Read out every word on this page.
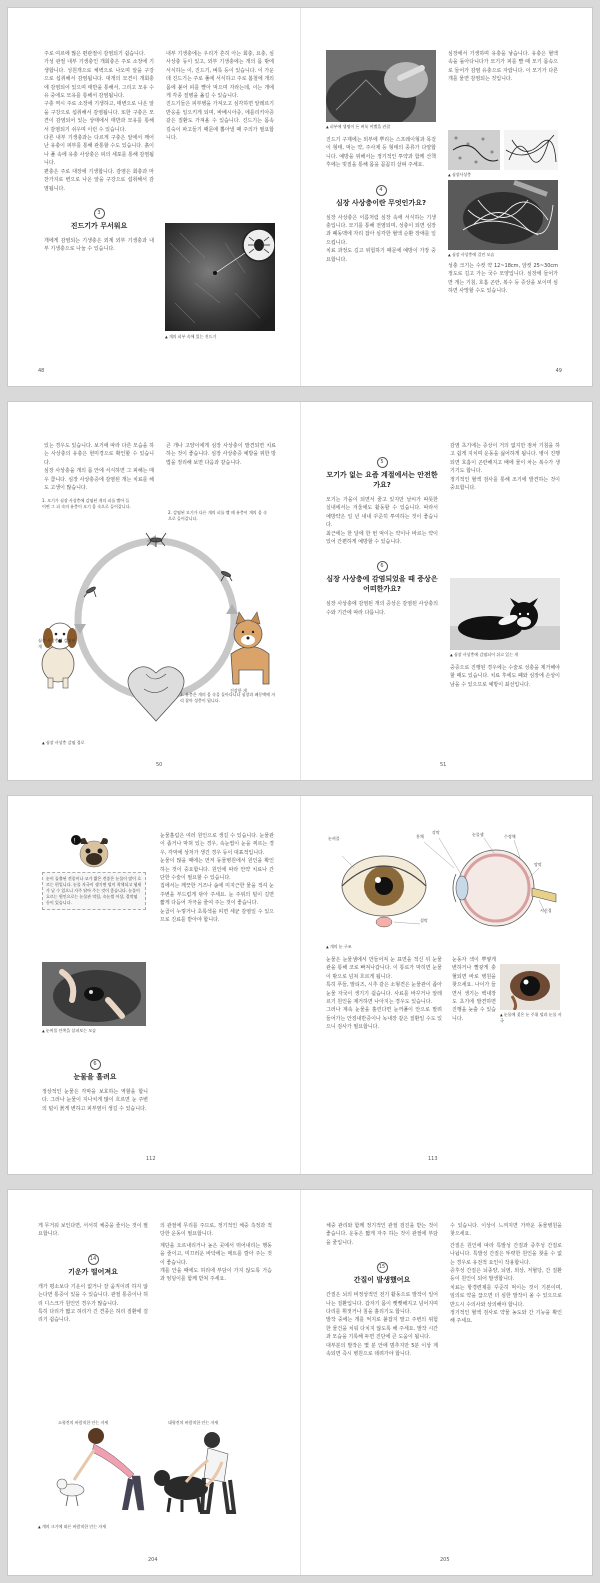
주로 여르에 많은 편관절이 감염되기 쉽습니다.
가성 관절 내부 기생충인 개회충은 주로 소장에 기생합니다. 성원개으로 체벽으로 나오며 알을 구강으로 섭취해서 감염됩니다. 대개의 모견이 개회충에 감염되어 있으며 태반을 통해서, 그리고 모유 수유 중에도 모유를 통해서 감염됩니다.
구충 역시 주로 소장에 기생하고, 태변으로 나온 알을 구강으로 섭취해서 감염됩니다. 또한 구충은 모견이 감염되어 있는 상태에서 태반과 모유를 통해서 감염되기 쉬우며 이런 수 있습니다.
다른 내부 기생충과는 다르게 구충은 알에서 깨어난 유충이 피부를 통해 관통할 수도 있습니다. 흙이나 풀 속에 유충 사상충은 피의 세포를 통해 감염됩니다.
편충은 주로 대장에 기생합니다. 감염은 회충과 마찬가지로 변으로 나온 알을 구강으로 섭취해서 감염됩니다.

3
진드기가 무서워요

개에게 감염되는 기생충은 외계 외부 기생충과 내부 기생충으로 나눌 수 있습니다.

내부 기생충에는 우리가 흔히 아는 회충, 요충, 심사상충 등이 있고, 외부 기생충에는 개의 몸 밖에 서식하는 이, 진드기, 벼룩 등이 있습니다. 이 가운데 진드기는 주로 풀에 서식하고 주로 봄철에 개의 몸에 붙어 피를 빨아 먹으며 자라는데, 이는 개에게 각종 질병을 옮길 수 있습니다.
진드기들은 피부병을 가져오고 심각하면 알레르기 반응을 일으키게 되며, 바베시아증, 에를리키아증 같은 질환도 가져올 수 있습니다. 진드기는 몸속 깊숙이 파고들기 때문에 뽑아낼 때 주의가 필요합니다.

▲ 개의 피부 속에 있는 진드기
48
▲ 피부에 생명이 든 벼룩 이빨을 관찰

진드기 구제에는 외부에 뿌리는 스프레이형과 목걸이 형태, 먹는 약, 주사제 등 형태의 종류가 다양합니다. 예방을 위해서는 정기적인 투약과 함께 산책 후에는 빗질을 통해 몸을 꼼꼼히 살펴 주세요.

4
심장 사상충이란 무엇인가요?

심장 사상충은 이름처럼 심장 속에 서식하는 기생충입니다. 모기를 통해 전염되며, 성충이 되면 심장과 폐동맥에 자리 잡아 심각한 혈액 순환 장애를 일으킵니다.
치료 과정도 길고 위험하기 때문에 예방이 가장 중요합니다.

심장에서 기생하며 유충을 낳습니다. 유충은 혈액 속을 돌아다니다가 모기가 피를 빨 때 모기 몸속으로 들어가 감염 유충으로 자랍니다. 이 모기가 다른 개를 물면 감염되는 것입니다.

▲ 심장사상충
▲ 심장 사상충에 걸린 모습

성충 크기는 수컷 약 12~18cm, 암컷 25~30cm 정도로 길고 가는 국수 모양입니다. 심장에 들어가면 개는 기침, 호흡 곤란, 복수 등 증상을 보이며 심하면 사망할 수도 있습니다.

49

있는 경우도 있습니다. 보기에 따라 다른 모습을 하는 사상충의 유충은 현미경으로 확인할 수 있습니다.
심장 사상충을 개의 몸 안에 서식하면 그 피해는 매우 큽니다. 심장 사상충증에 감염된 개는 치료를 해도 고생이 많습니다.

큰 개나 고양이에게 심장 사상충이 발견되면 치료하는 것이 좋습니다. 심장 사상충증 예방을 위한 방법을 정리해 보면 다음과 같습니다.

1. 모기가 심장 사상충에 감염된 개의 피를 빨아 들이면 그 피 속의 유충이 모기 몸 속으로 들어갑니다.
2. 감염된 모기가 다른 개의 피를 빨 때 유충이 개의 몸 속으로 들어갑니다.
3. 유충은 개의 몸 속을 돌아다니다 심장과 폐동맥에 자리 잡아 성충이 됩니다.
심장 사상충에 감염된 개
건강한 개
▲ 심장 사상충 감염 경로
50
5
모기가 없는 요즘 계절에서는 안전한가요?

모기는 가을이 되면서 줄고 있지만 날씨가 따뜻한 실내에서는 겨울에도 활동할 수 있습니다. 따라서 예방약은 일 년 내내 꾸준히 투여하는 것이 좋습니다.
최근에는 한 달에 한 번 먹이는 약이나 바르는 약이 있어 간편하게 예방할 수 있습니다.

6
심장 사상충에 감염되었을 때 증상은 어떠한가요?

심장 사상충에 감염된 개의 증상은 감염된 사상충의 수와 기간에 따라 다릅니다.

감염 초기에는 증상이 거의 없지만 점차 기침을 하고 쉽게 지치며 운동을 싫어하게 됩니다. 병이 진행되면 호흡이 곤란해지고 배에 물이 차는 복수가 생기기도 합니다.
정기적인 혈액 검사를 통해 조기에 발견하는 것이 중요합니다.

▲ 심장 사상충에 감염되어 쉬고 있는 개

중증으로 진행된 경우에는 수술로 성충을 제거해야 할 때도 있습니다. 치료 후에도 폐와 심장에 손상이 남을 수 있으므로 예방이 최선입니다.

51
!
눈이 돌출된 견종이나 코가 짧은 견종은 눈물이 많이 흐르는 편입니다. 눈물 자국이 생기면 털이 착색되고 냄새가 날 수 있으니 자주 닦아 주는 것이 좋습니다. 눈물이 흐르는 원인으로는 눈물관 막힘, 속눈썹 이상, 결막염 등이 있습니다.
▲ 눈꺼풀 안쪽을 살펴보는 모습
6
눈물을 흘려요

정상적인 눈물은 각막을 보호하는 역할을 합니다. 그러나 눈물이 지나치게 많이 흐르면 눈 주변의 털이 붉게 변하고 피부염이 생길 수 있습니다.

눈물흘림은 여러 원인으로 생길 수 있습니다. 눈물관이 좁거나 막혀 있는 경우, 속눈썹이 눈을 찌르는 경우, 각막에 상처가 생긴 경우 등이 대표적입니다.
눈물이 많을 때에는 먼저 동물병원에서 원인을 확인하는 것이 중요합니다. 원인에 따라 안약 치료나 간단한 수술이 필요할 수 있습니다.
집에서는 깨끗한 거즈나 솜에 미지근한 물을 적셔 눈 주변을 부드럽게 닦아 주세요. 눈 주위의 털이 길면 짧게 다듬어 자극을 줄여 주는 것이 좋습니다.
눈곱이 누렇거나 초록색을 띠면 세균 감염일 수 있으므로 진료를 받아야 합니다.

112
눈꺼풀	홍채
각막
결막
눈물샘	수정체
망막
시신경
▲ 개의 눈 구조

눈물은 눈물샘에서 만들어져 눈 표면을 적신 뒤 눈물관을 통해 코로 빠져나갑니다. 이 통로가 막히면 눈물이 밖으로 넘쳐 흐르게 됩니다.
특히 푸들, 말티즈, 시추 같은 소형견은 눈물관이 좁아 눈물 자국이 생기기 쉽습니다. 사료를 바꾸거나 알레르기 원인을 제거하면 나아지는 경우도 있습니다.
그러나 계속 눈물을 흘린다면 눈꺼풀이 안으로 말려 들어가는 안검내반증이나 녹내장 같은 질환일 수도 있으니 검사가 필요합니다.

눈동자 색이 뿌옇게 변하거나 빨갛게 충혈되면 바로 병원을 찾으세요. 나이가 들면서 생기는 백내장도 초기에 발견하면 진행을 늦출 수 있습니다.

▲ 눈물에 젖은 눈 주위 털과 눈물 자국
113

게 무거워 보인다면, 서서히 체중을 줄이는 것이 필요합니다.

14
기운가 떨어져요

개가 평소보다 기운이 없거나 잘 움직이려 하지 않는다면 통증이 있을 수 있습니다. 관절 통증이나 허리 디스크가 원인인 경우가 많습니다.
특히 다리가 짧고 허리가 긴 견종은 허리 질환에 걸리기 쉽습니다.

의 관절에 무리를 주므로, 정기적인 체중 측정과 적당한 운동이 필요합니다.

계단을 오르내리거나 높은 곳에서 뛰어내리는 행동을 줄이고, 미끄러운 바닥에는 매트를 깔아 주는 것이 좋습니다.
개를 안을 때에도 허리에 부담이 가지 않도록 가슴과 엉덩이를 함께 받쳐 주세요.

소형견의 바람직한 안는 자세	대형견의 바람직한 안는 자세
▲ 개의 크기에 따른 바람직한 안는 자세
204

체중 관리와 함께 정기적인 관절 검진을 받는 것이 좋습니다. 운동은 짧게 자주 하는 것이 관절에 부담을 줄입니다.

15
간질이 발생했어요

간질은 뇌의 비정상적인 전기 활동으로 발작이 일어나는 질환입니다. 갑자기 몸이 뻣뻣해지고 넘어지며 다리를 휘젓거나 침을 흘리기도 합니다.
발작 중에는 개를 억지로 붙잡지 말고 주변의 위험한 물건을 치워 다치지 않도록 해 주세요. 발작 시간과 모습을 기록해 두면 진단에 큰 도움이 됩니다.
대부분의 발작은 몇 분 안에 멈추지만 5분 이상 계속되면 즉시 병원으로 데려가야 합니다.

수 있습니다. 이상이 느껴지면 가까운 동물병원을 찾으세요.

간질은 원인에 따라 특발성 간질과 증후성 간질로 나뉩니다. 특발성 간질은 뚜렷한 원인을 찾을 수 없는 경우로 유전적 요인이 작용합니다.
증후성 간질은 뇌종양, 뇌염, 외상, 저혈당, 간 질환 등이 원인이 되어 발생합니다.
치료는 항경련제를 꾸준히 먹이는 것이 기본이며, 임의로 약을 끊으면 더 심한 발작이 올 수 있으므로 반드시 수의사와 상의해야 합니다.
정기적인 혈액 검사로 약물 농도와 간 기능을 확인해 주세요.

205
